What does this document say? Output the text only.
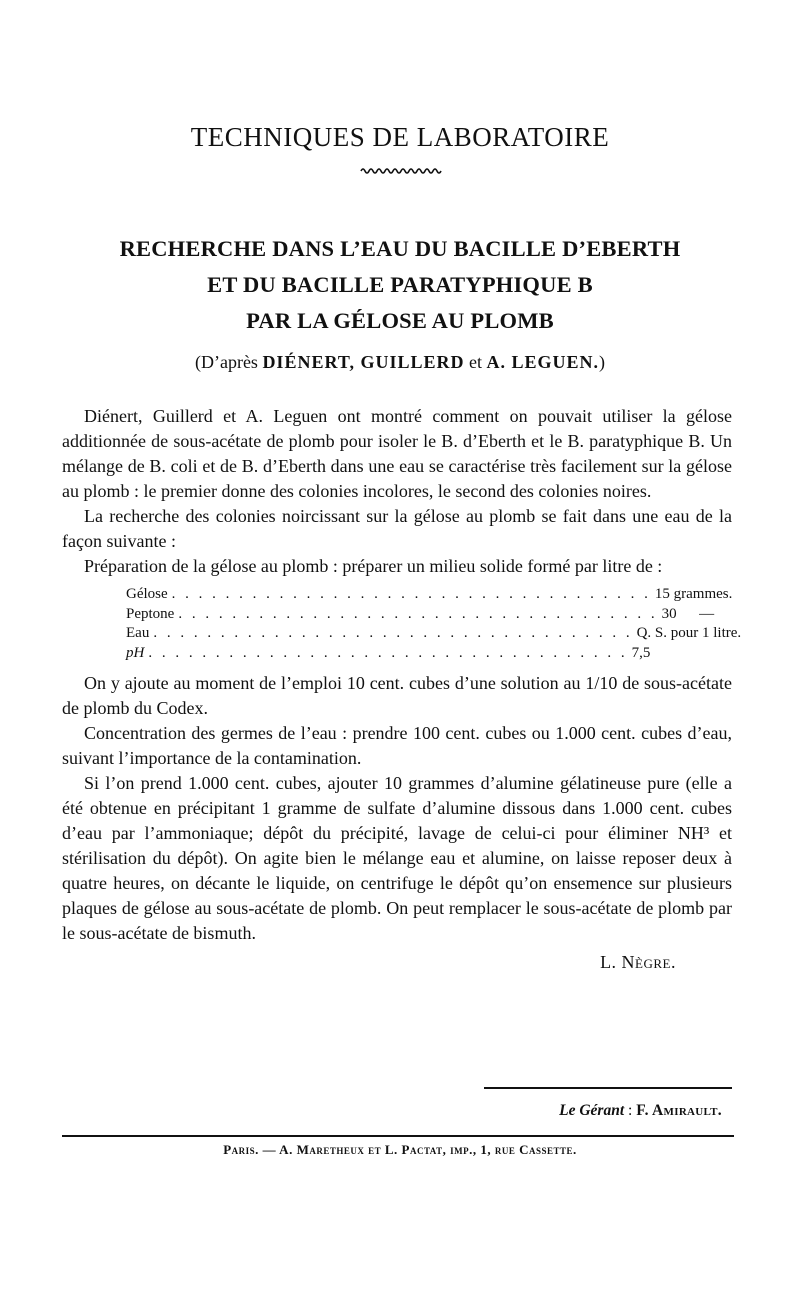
TECHNIQUES DE LABORATOIRE
RECHERCHE DANS L’EAU DU BACILLE D’EBERTH
ET DU BACILLE PARATYPHIQUE B
PAR LA GÉLOSE AU PLOMB
(D’après DIÉNERT, GUILLERD et A. LEGUEN.)

Diénert, Guillerd et A. Leguen ont montré comment on pouvait utiliser la gélose additionnée de sous-acétate de plomb pour isoler le B. d’Eberth et le B. paratyphique B. Un mélange de B. coli et de B. d’Eberth dans une eau se caractérise très facilement sur la gélose au plomb : le premier donne des colonies incolores, le second des colonies noires.

La recherche des colonies noircissant sur la gélose au plomb se fait dans une eau de la façon suivante :

Préparation de la gélose au plomb : préparer un milieu solide formé par litre de :

Gélose . . . . . . . . . . . . . . . . . . . . . . . . . . . . . . . . . . . . 15 grammes.
Peptone . . . . . . . . . . . . . . . . . . . . . . . . . . . . . . . . . . . . 30      —
Eau . . . . . . . . . . . . . . . . . . . . . . . . . . . . . . . . . . . . Q. S. pour 1 litre.
pH . . . . . . . . . . . . . . . . . . . . . . . . . . . . . . . . . . . . 7,5

On y ajoute au moment de l’emploi 10 cent. cubes d’une solution au 1/10 de sous-acétate de plomb du Codex.

Concentration des germes de l’eau : prendre 100 cent. cubes ou 1.000 cent. cubes d’eau, suivant l’importance de la contamination.

Si l’on prend 1.000 cent. cubes, ajouter 10 grammes d’alumine gélatineuse pure (elle a été obtenue en précipitant 1 gramme de sulfate d’alumine dissous dans 1.000 cent. cubes d’eau par l’ammoniaque; dépôt du précipité, lavage de celui-ci pour éliminer NH³ et stérilisation du dépôt). On agite bien le mélange eau et alumine, on laisse reposer deux à quatre heures, on décante le liquide, on centrifuge le dépôt qu’on ensemence sur plusieurs plaques de gélose au sous-acétate de plomb. On peut remplacer le sous-acétate de plomb par le sous-acétate de bismuth.

L. Nègre.
Le Gérant : F. Amirault.
Paris. — A. Maretheux et L. Pactat, imp., 1, rue Cassette.
